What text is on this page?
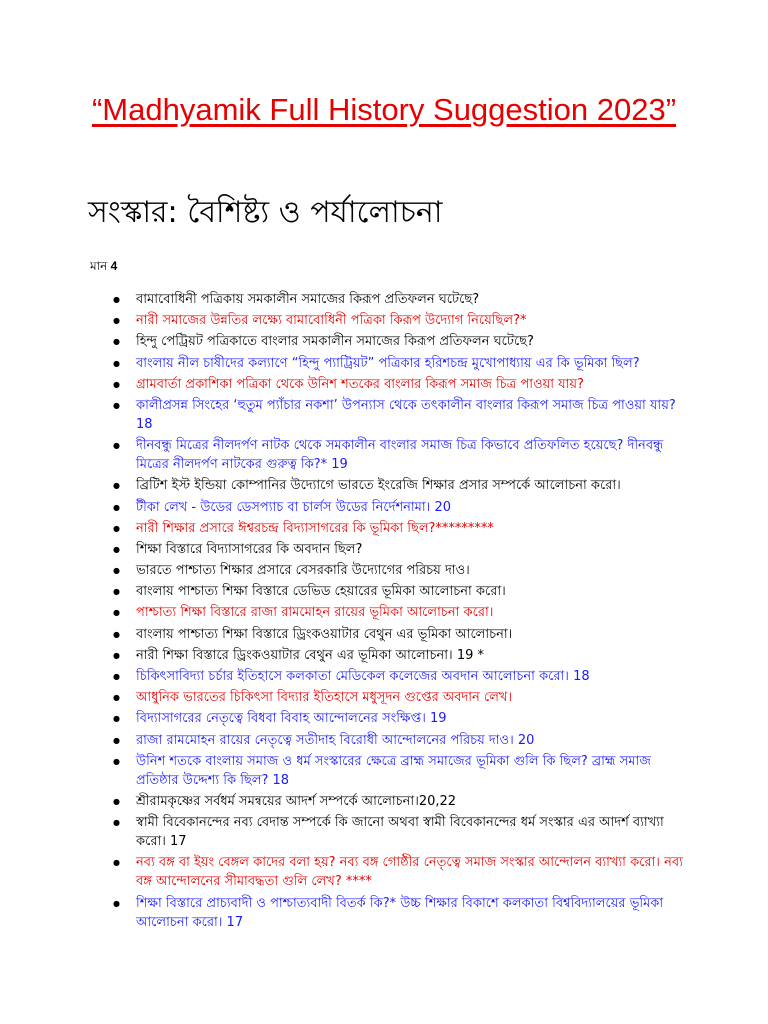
“Madhyamik Full History Suggestion 2023”
সংস্কার: বৈশিষ্ট্য ও পর্যালোচনা
মান 4
● বামাবোধিনী পত্রিকায় সমকালীন সমাজের কিরূপ প্রতিফলন ঘটেছে?
● নারী সমাজের উন্নতির লক্ষ্যে বামাবোধিনী পত্রিকা কিরূপ উদ্যোগ নিয়েছিল?*
● হিন্দু পেট্রিয়ট পত্রিকাতে বাংলার সমকালীন সমাজের কিরূপ প্রতিফলন ঘটেছে?
● বাংলায় নীল চাষীদের কল্যাণে “হিন্দু প্যাট্রিয়ট” পত্রিকার হরিশচন্দ্র মুখোপাধ্যায় এর কি ভূমিকা ছিল?
● গ্রামবার্তা প্রকাশিকা পত্রিকা থেকে উনিশ শতকের বাংলার কিরূপ সমাজ চিত্র পাওয়া যায়?
● কালীপ্রসন্ন সিংহের ‘হুতুম প্যাঁচার নকশা’ উপন্যাস থেকে তৎকালীন বাংলার কিরূপ সমাজ চিত্র পাওয়া যায়? 18
● দীনবন্ধু মিত্রের নীলদর্পণ নাটক থেকে সমকালীন বাংলার সমাজ চিত্র কিভাবে প্রতিফলিত হয়েছে? দীনবন্ধু মিত্রের নীলদর্পণ নাটকের গুরুত্ব কি?* 19
● ব্রিটিশ ইস্ট ইন্ডিয়া কোম্পানির উদ্যোগে ভারতে ইংরেজি শিক্ষার প্রসার সম্পর্কে আলোচনা করো।
● টীকা লেখ - উডের ডেসপ্যাচ বা চার্লস উডের নির্দেশনামা। 20
● নারী শিক্ষার প্রসারে ঈশ্বরচন্দ্র বিদ্যাসাগরের কি ভূমিকা ছিল?*********
● শিক্ষা বিস্তারে বিদ্যাসাগরের কি অবদান ছিল?
● ভারতে পাশ্চাত্য শিক্ষার প্রসারে বেসরকারি উদ্যোগের পরিচয় দাও।
● বাংলায় পাশ্চাত্য শিক্ষা বিস্তারে ডেভিড হেয়ারের ভূমিকা আলোচনা করো।
● পাশ্চাত্য শিক্ষা বিস্তারে রাজা রামমোহন রায়ের ভূমিকা আলোচনা করো।
● বাংলায় পাশ্চাত্য শিক্ষা বিস্তারে ড্রিংকওয়াটার বেথুন এর ভূমিকা আলোচনা।
● নারী শিক্ষা বিস্তারে ড্রিংকওয়াটার বেথুন এর ভূমিকা আলোচনা। 19 *
● চিকিৎসাবিদ্যা চর্চার ইতিহাসে কলকাতা মেডিকেল কলেজের অবদান আলোচনা করো। 18
● আধুনিক ভারতের চিকিৎসা বিদ্যার ইতিহাসে মধুসূদন গুপ্তের অবদান লেখ।
● বিদ্যাসাগরের নেতৃত্বে বিধবা বিবাহ আন্দোলনের সংক্ষিপ্ত। 19
● রাজা রামমোহন রায়ের নেতৃত্বে সতীদাহ বিরোধী আন্দোলনের পরিচয় দাও। 20
● উনিশ শতকে বাংলায় সমাজ ও ধর্ম সংস্কারের ক্ষেত্রে ব্রাহ্ম সমাজের ভূমিকা গুলি কি ছিল? ব্রাহ্ম সমাজ প্রতিষ্ঠার উদ্দেশ্য কি ছিল? 18
● শ্রীরামকৃষ্ণের সর্বধর্ম সমন্বয়ের আদর্শ সম্পর্কে আলোচনা।20,22
● স্বামী বিবেকানন্দের নব্য বেদান্ত সম্পর্কে কি জানো অথবা স্বামী বিবেকানন্দের ধর্ম সংস্কার এর আদর্শ ব্যাখ্যা করো। 17
● নব্য বঙ্গ বা ইয়ং বেঙ্গল কাদের বলা হয়? নব্য বঙ্গ গোষ্ঠীর নেতৃত্বে সমাজ সংস্কার আন্দোলন ব্যাখ্যা করো। নব্য বঙ্গ আন্দোলনের সীমাবদ্ধতা গুলি লেখ? ****
● শিক্ষা বিস্তারে প্রাচ্যবাদী ও পাশ্চাত্যবাদী বিতর্ক কি?* উচ্চ শিক্ষার বিকাশে কলকাতা বিশ্ববিদ্যালয়ের ভূমিকা আলোচনা করো। 17
